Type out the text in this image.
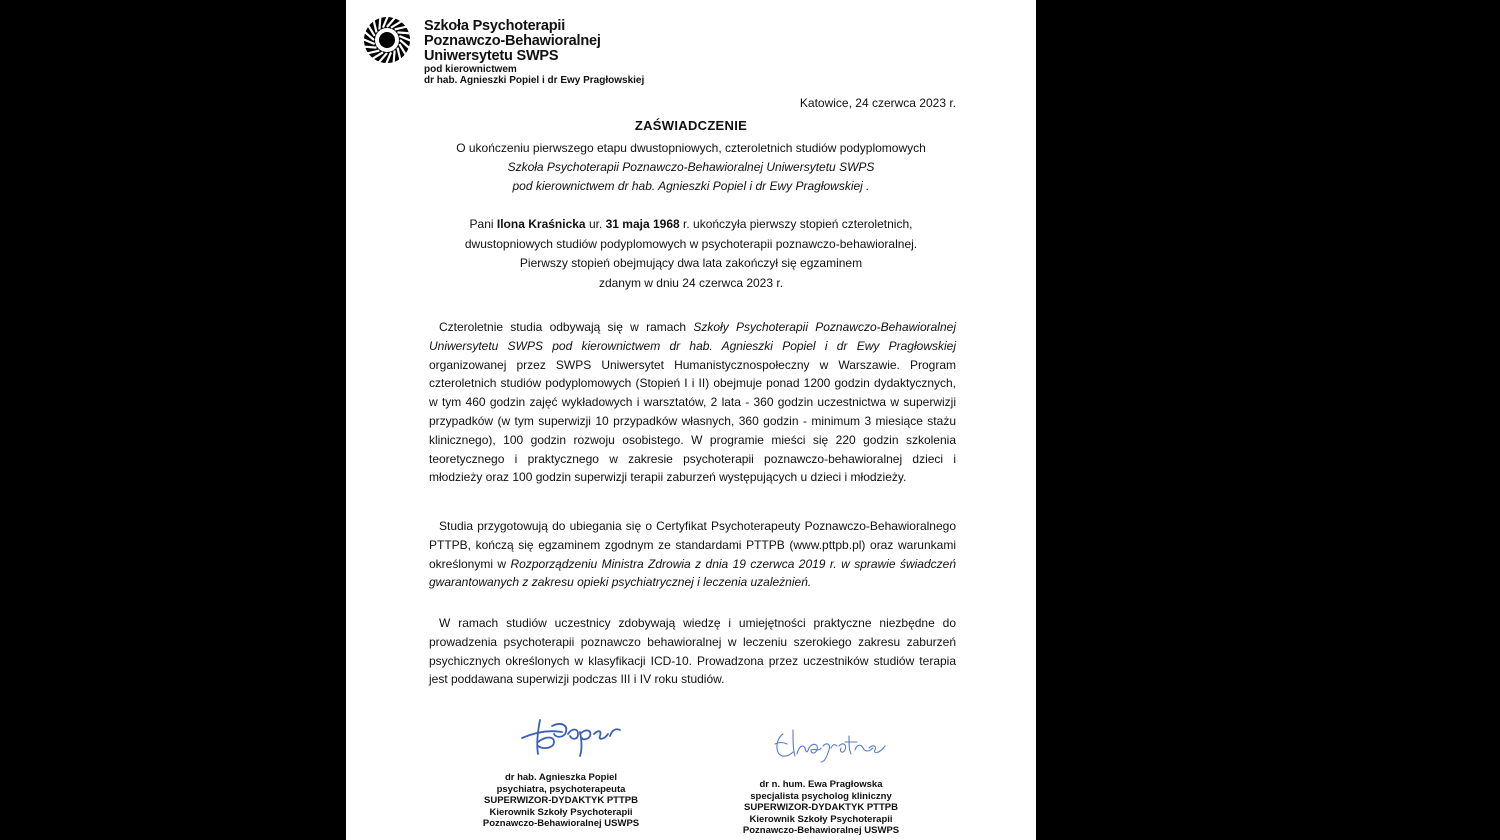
Szkoła Psychoterapii
Poznawczo-Behawioralnej
Uniwersytetu SWPS
pod kierownictwem
dr hab. Agnieszki Popiel i dr Ewy Pragłowskiej
Katowice, 24 czerwca 2023 r.
ZAŚWIADCZENIE
O ukończeniu pierwszego etapu dwustopniowych, czteroletnich studiów podyplomowych
Szkoła Psychoterapii Poznawczo-Behawioralnej Uniwersytetu SWPS
pod kierownictwem dr hab. Agnieszki Popiel i dr Ewy Pragłowskiej .
Pani Ilona Kraśnicka ur. 31 maja 1968 r. ukończyła pierwszy stopień czteroletnich,
dwustopniowych studiów podyplomowych w psychoterapii poznawczo-behawioralnej.
Pierwszy stopień obejmujący dwa lata zakończył się egzaminem
zdanym w dniu 24 czerwca 2023 r.

Czteroletnie studia odbywają się w ramach Szkoły Psychoterapii Poznawczo-Behawioralnej Uniwersytetu SWPS pod kierownictwem dr hab. Agnieszki Popiel i dr Ewy Pragłowskiej organizowanej przez SWPS Uniwersytet Humanistycznospołeczny w Warszawie. Program czteroletnich studiów podyplomowych (Stopień I i II) obejmuje ponad 1200 godzin dydaktycznych, w tym 460 godzin zajęć wykładowych i warsztatów, 2 lata - 360 godzin uczestnictwa w superwizji przypadków (w tym superwizji 10 przypadków własnych, 360 godzin - minimum 3 miesiące stażu klinicznego), 100 godzin rozwoju osobistego. W programie mieści się 220 godzin szkolenia teoretycznego i praktycznego w zakresie psychoterapii poznawczo-behawioralnej dzieci i młodzieży oraz 100 godzin superwizji terapii zaburzeń występujących u dzieci i młodzieży.

Studia przygotowują do ubiegania się o Certyfikat Psychoterapeuty Poznawczo-Behawioralnego PTTPB, kończą się egzaminem zgodnym ze standardami PTTPB (www.pttpb.pl) oraz warunkami określonymi w Rozporządzeniu Ministra Zdrowia z dnia 19 czerwca 2019 r. w sprawie świadczeń gwarantowanych z zakresu opieki psychiatrycznej i leczenia uzależnień.

W ramach studiów uczestnicy zdobywają wiedzę i umiejętności praktyczne niezbędne do prowadzenia psychoterapii poznawczo behawioralnej w leczeniu szerokiego zakresu zaburzeń psychicznych określonych w klasyfikacji ICD-10. Prowadzona przez uczestników studiów terapia jest poddawana superwizji podczas III i IV roku studiów.

dr hab. Agnieszka Popiel
psychiatra, psychoterapeuta
SUPERWIZOR-DYDAKTYK PTTPB
Kierownik Szkoły Psychoterapii
Poznawczo-Behawioralnej USWPS
dr n. hum. Ewa Pragłowska
specjalista psycholog kliniczny
SUPERWIZOR-DYDAKTYK PTTPB
Kierownik Szkoły Psychoterapii
Poznawczo-Behawioralnej USWPS
